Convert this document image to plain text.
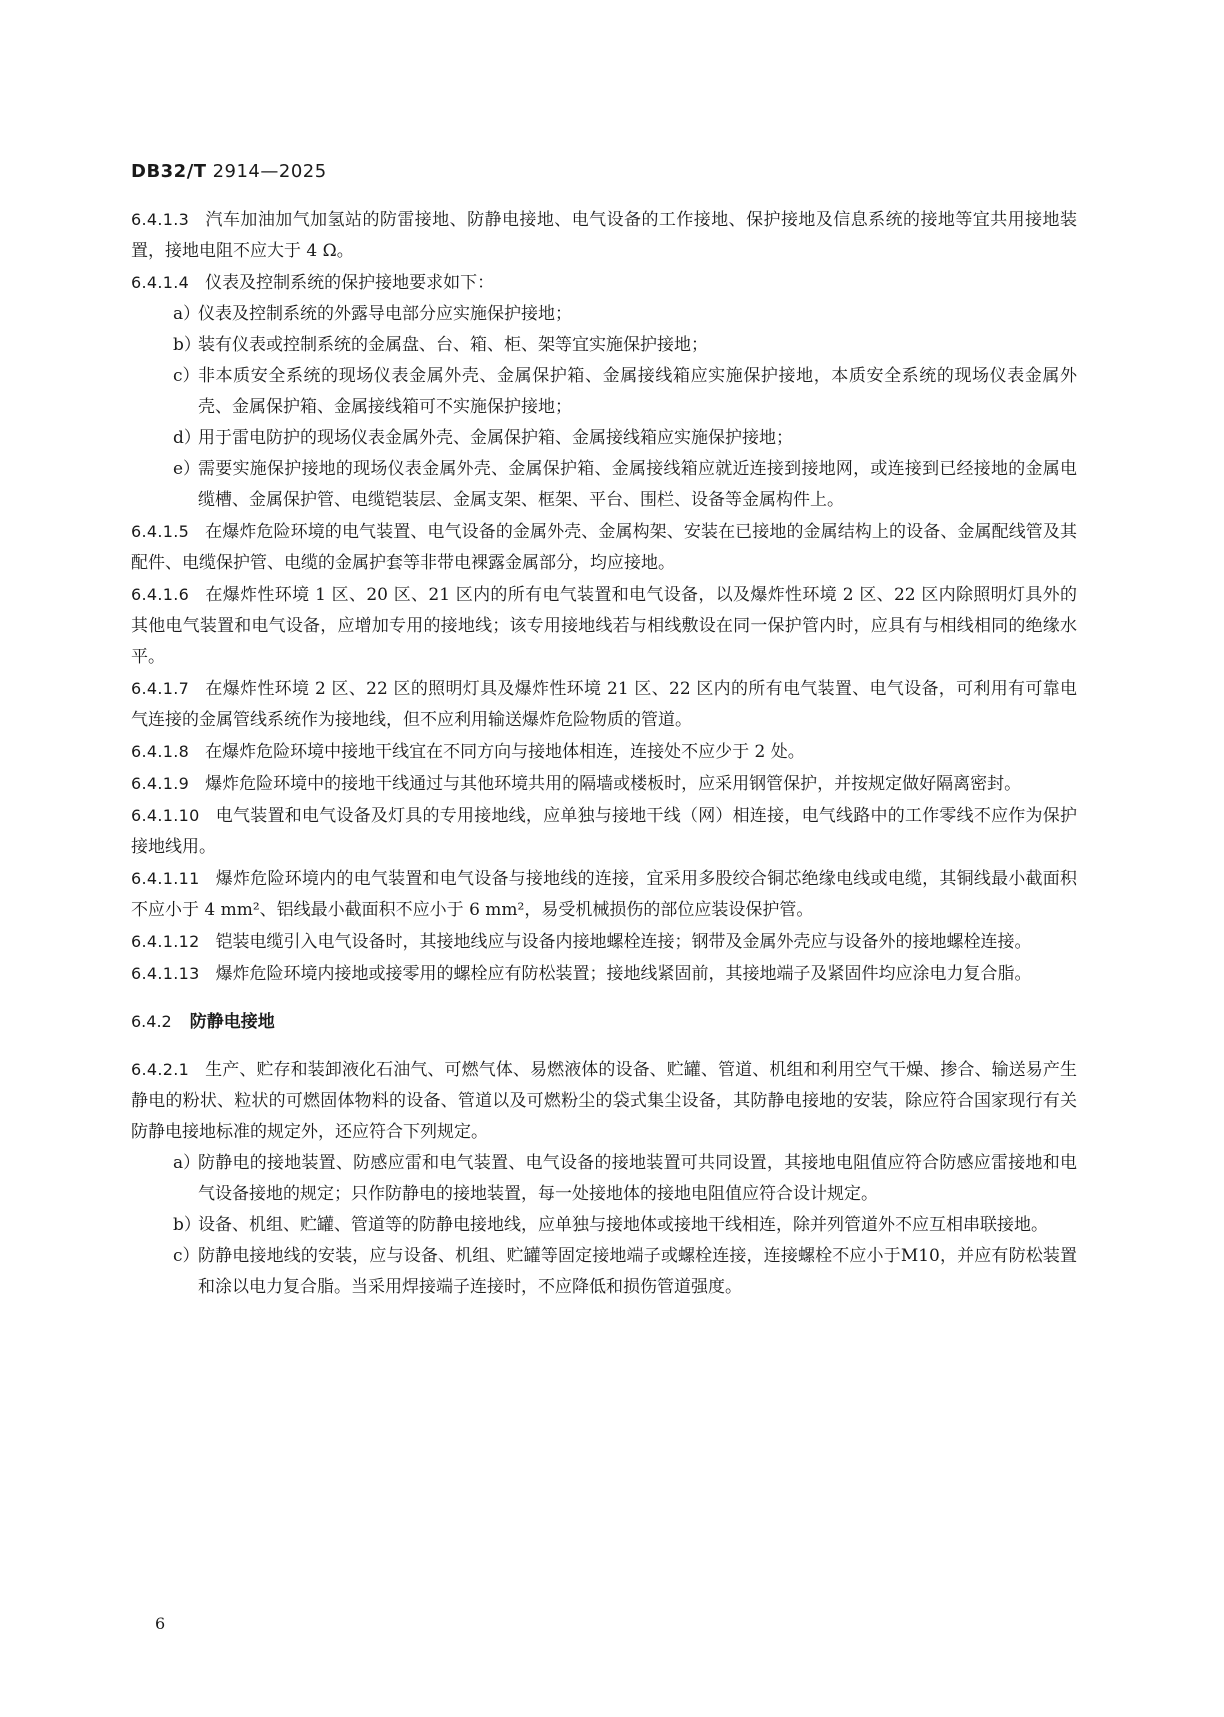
DB32/T 2914—2025

6.4.1.3 汽车加油加气加氢站的防雷接地、防静电接地、电气设备的工作接地、保护接地及信息系统的接地等宜共用接地装置，接地电阻不应大于 4 Ω。

6.4.1.4 仪表及控制系统的保护接地要求如下：

a）
仪表及控制系统的外露导电部分应实施保护接地；
b）
装有仪表或控制系统的金属盘、台、箱、柜、架等宜实施保护接地；
c）
非本质安全系统的现场仪表金属外壳、金属保护箱、金属接线箱应实施保护接地，本质安全系统的现场仪表金属外壳、金属保护箱、金属接线箱可不实施保护接地；
d）
用于雷电防护的现场仪表金属外壳、金属保护箱、金属接线箱应实施保护接地；
e）
需要实施保护接地的现场仪表金属外壳、金属保护箱、金属接线箱应就近连接到接地网，或连接到已经接地的金属电缆槽、金属保护管、电缆铠装层、金属支架、框架、平台、围栏、设备等金属构件上。

6.4.1.5 在爆炸危险环境的电气装置、电气设备的金属外壳、金属构架、安装在已接地的金属结构上的设备、金属配线管及其配件、电缆保护管、电缆的金属护套等非带电裸露金属部分，均应接地。

6.4.1.6 在爆炸性环境 1 区、20 区、21 区内的所有电气装置和电气设备，以及爆炸性环境 2 区、22 区内除照明灯具外的其他电气装置和电气设备，应增加专用的接地线；该专用接地线若与相线敷设在同一保护管内时，应具有与相线相同的绝缘水平。

6.4.1.7 在爆炸性环境 2 区、22 区的照明灯具及爆炸性环境 21 区、22 区内的所有电气装置、电气设备，可利用有可靠电气连接的金属管线系统作为接地线，但不应利用输送爆炸危险物质的管道。

6.4.1.8 在爆炸危险环境中接地干线宜在不同方向与接地体相连，连接处不应少于 2 处。

6.4.1.9 爆炸危险环境中的接地干线通过与其他环境共用的隔墙或楼板时，应采用钢管保护，并按规定做好隔离密封。

6.4.1.10 电气装置和电气设备及灯具的专用接地线，应单独与接地干线（网）相连接，电气线路中的工作零线不应作为保护接地线用。

6.4.1.11 爆炸危险环境内的电气装置和电气设备与接地线的连接，宜采用多股绞合铜芯绝缘电线或电缆，其铜线最小截面积不应小于 4 mm²、铝线最小截面积不应小于 6 mm²，易受机械损伤的部位应装设保护管。

6.4.1.12 铠装电缆引入电气设备时，其接地线应与设备内接地螺栓连接；钢带及金属外壳应与设备外的接地螺栓连接。

6.4.1.13 爆炸危险环境内接地或接零用的螺栓应有防松装置；接地线紧固前，其接地端子及紧固件均应涂电力复合脂。

6.4.2 防静电接地

6.4.2.1 生产、贮存和装卸液化石油气、可燃气体、易燃液体的设备、贮罐、管道、机组和利用空气干燥、掺合、输送易产生静电的粉状、粒状的可燃固体物料的设备、管道以及可燃粉尘的袋式集尘设备，其防静电接地的安装，除应符合国家现行有关防静电接地标准的规定外，还应符合下列规定。

a）
防静电的接地装置、防感应雷和电气装置、电气设备的接地装置可共同设置，其接地电阻值应符合防感应雷接地和电气设备接地的规定；只作防静电的接地装置，每一处接地体的接地电阻值应符合设计规定。
b）
设备、机组、贮罐、管道等的防静电接地线，应单独与接地体或接地干线相连，除并列管道外不应互相串联接地。
c）
防静电接地线的安装，应与设备、机组、贮罐等固定接地端子或螺栓连接，连接螺栓不应小于M10，并应有防松装置和涂以电力复合脂。当采用焊接端子连接时，不应降低和损伤管道强度。
6
